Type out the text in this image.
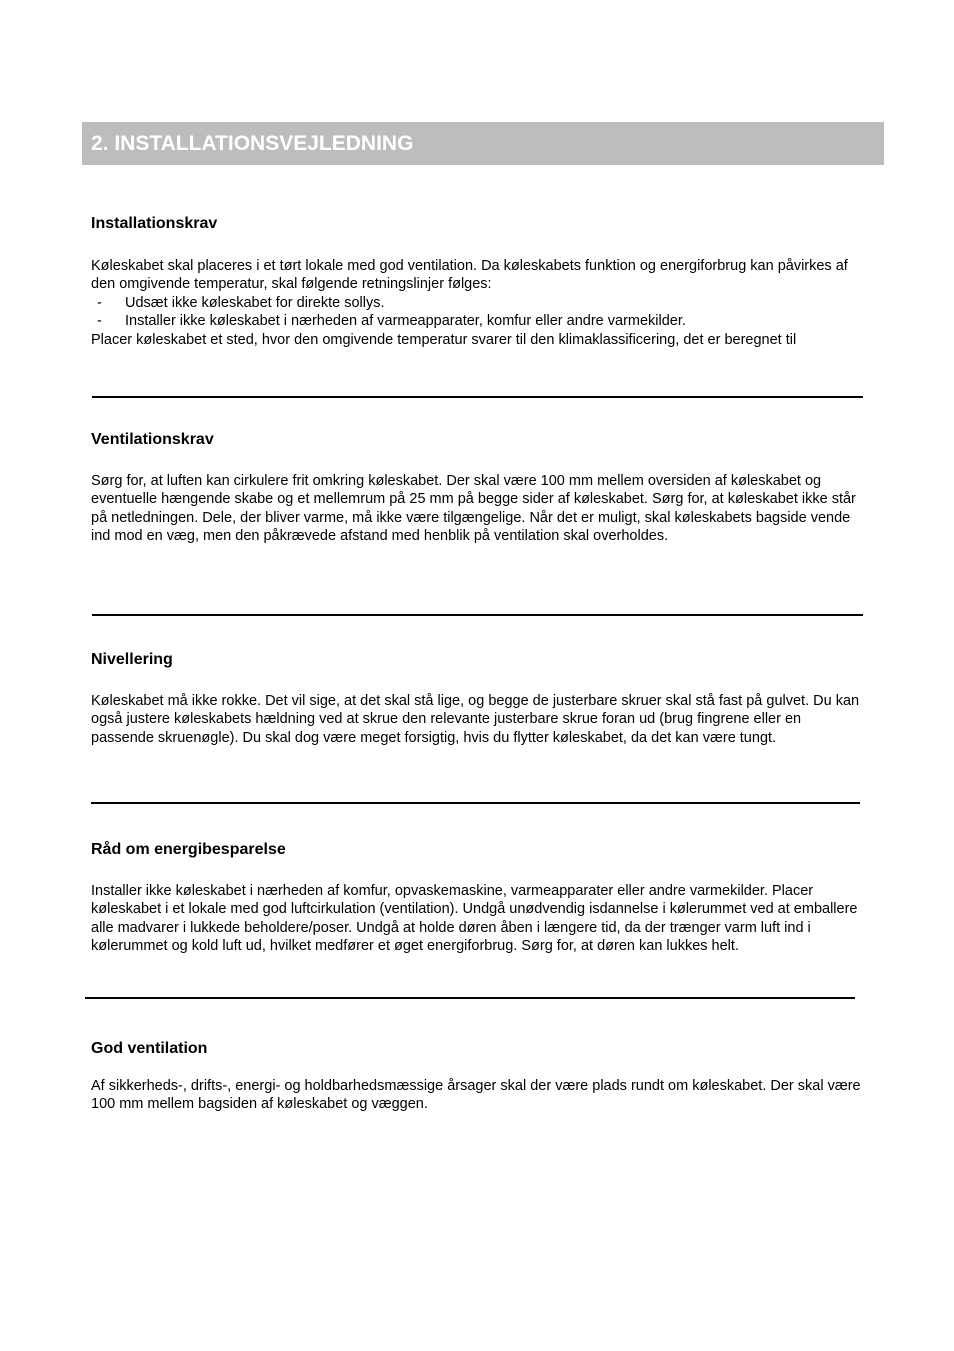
2. INSTALLATIONSVEJLEDNING
Installationskrav

Køleskabet skal placeres i et tørt lokale med god ventilation. Da køleskabets funktion og energiforbrug kan påvirkes af den omgivende temperatur, skal følgende retningslinjer følges:

- Udsæt ikke køleskabet for direkte sollys.
- Installer ikke køleskabet i nærheden af varmeapparater, komfur eller andre varmekilder.

Placer køleskabet et sted, hvor den omgivende temperatur svarer til den klimaklassificering, det er beregnet til

Ventilationskrav

Sørg for, at luften kan cirkulere frit omkring køleskabet. Der skal være 100 mm mellem oversiden af køleskabet og eventuelle hængende skabe og et mellemrum på 25 mm på begge sider af køleskabet. Sørg for, at køleskabet ikke står på netledningen. Dele, der bliver varme, må ikke være tilgængelige. Når det er muligt, skal køleskabets bagside vende ind mod en væg, men den påkrævede afstand med henblik på ventilation skal overholdes.

Nivellering

Køleskabet må ikke rokke. Det vil sige, at det skal stå lige, og begge de justerbare skruer skal stå fast på gulvet. Du kan også justere køleskabets hældning ved at skrue den relevante justerbare skrue foran ud (brug fingrene eller en passende skruenøgle). Du skal dog være meget forsigtig, hvis du flytter køleskabet, da det kan være tungt.

Råd om energibesparelse

Installer ikke køleskabet i nærheden af komfur, opvaskemaskine, varmeapparater eller andre varmekilder. Placer køleskabet i et lokale med god luftcirkulation (ventilation). Undgå unødvendig isdannelse i kølerummet ved at emballere alle madvarer i lukkede beholdere/poser. Undgå at holde døren åben i længere tid, da der trænger varm luft ind i kølerummet og kold luft ud, hvilket medfører et øget energiforbrug. Sørg for, at døren kan lukkes helt.

God ventilation

Af sikkerheds-, drifts-, energi- og holdbarhedsmæssige årsager skal der være plads rundt om køleskabet. Der skal være 100 mm mellem bagsiden af køleskabet og væggen.
